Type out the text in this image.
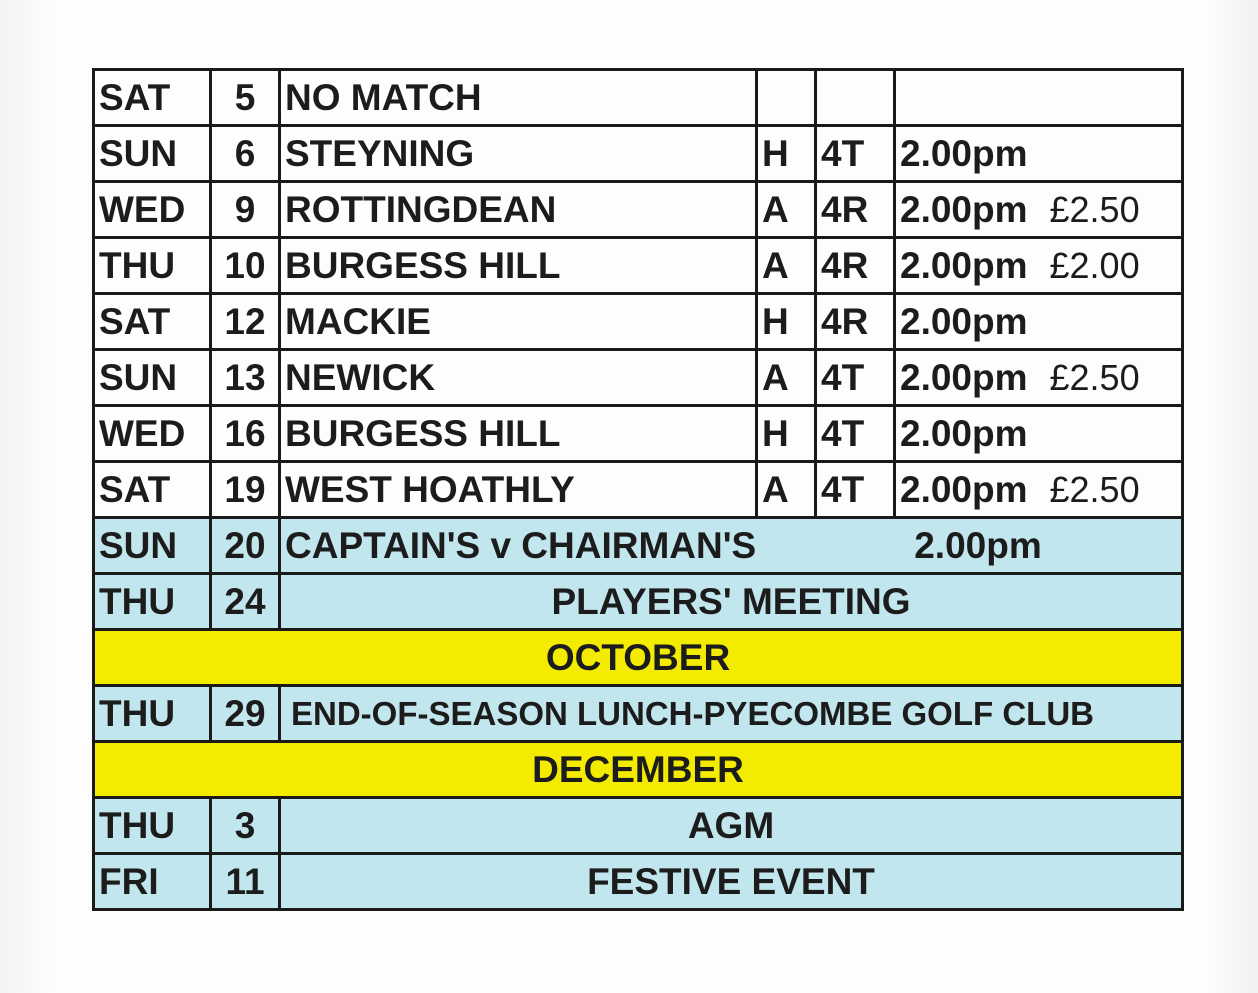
SAT	5	NO MATCH			
SUN	6	STEYNING	H	4T	2.00pm
WED	9	ROTTINGDEAN	A	4R	2.00pm £2.50
THU	10	BURGESS HILL	A	4R	2.00pm £2.00
SAT	12	MACKIE	H	4R	2.00pm
SUN	13	NEWICK	A	4T	2.00pm £2.50
WED	16	BURGESS HILL	H	4T	2.00pm
SAT	19	WEST HOATHLY	A	4T	2.00pm £2.50
SUN	20	CAPTAIN'S v CHAIRMAN'S 2.00pm			
THU	24	PLAYERS' MEETING			
OCTOBER					
THU	29	END-OF-SEASON LUNCH-PYECOMBE GOLF CLUB			
DECEMBER					
THU	3	AGM			
FRI	11	FESTIVE EVENT			
